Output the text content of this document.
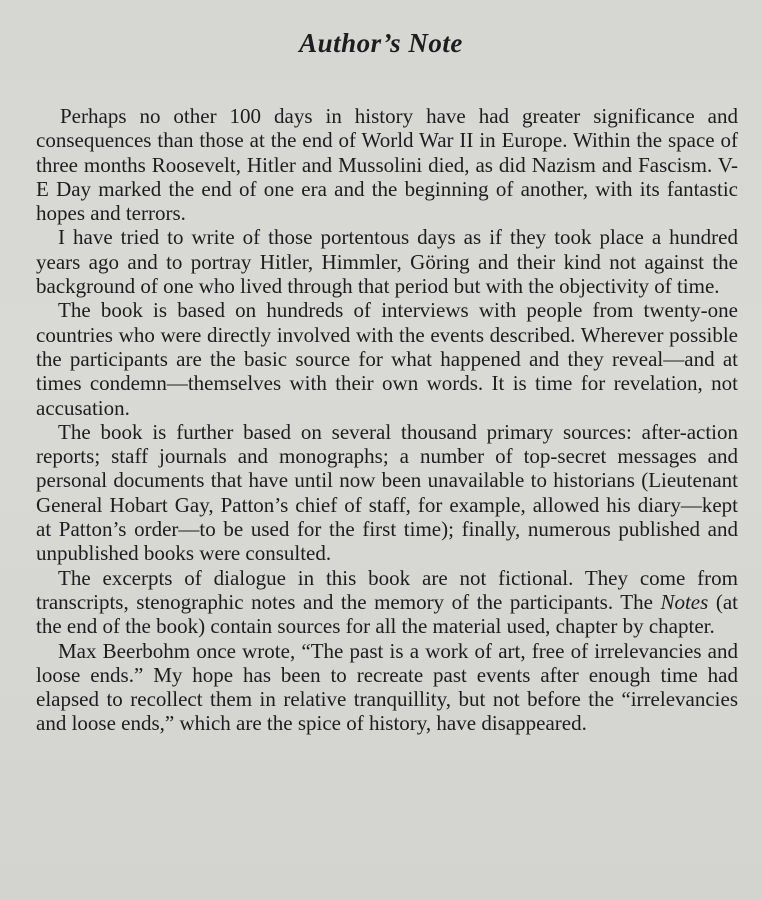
Author’s Note

Perhaps no other 100 days in history have had greater significance and consequences than those at the end of World War II in Europe. Within the space of three months Roosevelt, Hitler and Mussolini died, as did Nazism and Fascism. V-E Day marked the end of one era and the beginning of another, with its fantastic hopes and terrors.

I have tried to write of those portentous days as if they took place a hundred years ago and to portray Hitler, Himmler, Göring and their kind not against the background of one who lived through that period but with the objectivity of time.

The book is based on hundreds of interviews with people from twenty-one countries who were directly involved with the events described. Wherever possible the participants are the basic source for what happened and they reveal—and at times condemn—themselves with their own words. It is time for revelation, not accusation.

The book is further based on several thousand primary sources: after-action reports; staff journals and monographs; a number of top-secret messages and personal documents that have until now been unavailable to historians (Lieutenant General Hobart Gay, Patton’s chief of staff, for example, allowed his diary—kept at Patton’s order—to be used for the first time); finally, numerous published and unpublished books were consulted.

The excerpts of dialogue in this book are not fictional. They come from transcripts, stenographic notes and the memory of the participants. The Notes (at the end of the book) contain sources for all the material used, chapter by chapter.

Max Beerbohm once wrote, “The past is a work of art, free of irrelevancies and loose ends.” My hope has been to recreate past events after enough time had elapsed to recollect them in relative tranquillity, but not before the “irrelevancies and loose ends,” which are the spice of history, have disappeared.
